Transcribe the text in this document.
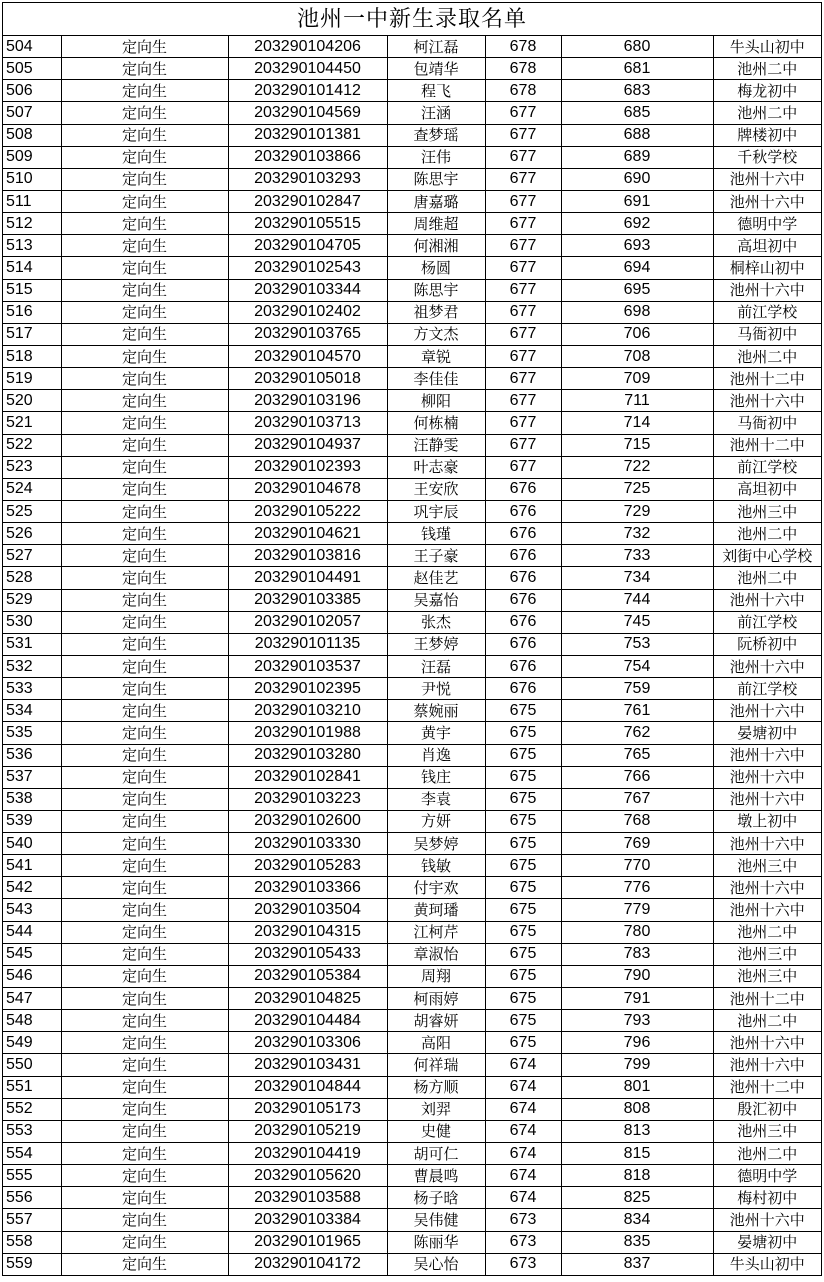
池州一中新生录取名单
504	定向生	203290104206	柯江磊	678	680	牛头山初中
505	定向生	203290104450	包靖华	678	681	池州二中
506	定向生	203290101412	程飞	678	683	梅龙初中
507	定向生	203290104569	汪涵	677	685	池州二中
508	定向生	203290101381	查梦瑶	677	688	牌楼初中
509	定向生	203290103866	汪伟	677	689	千秋学校
510	定向生	203290103293	陈思宇	677	690	池州十六中
511	定向生	203290102847	唐嘉璐	677	691	池州十六中
512	定向生	203290105515	周维超	677	692	德明中学
513	定向生	203290104705	何湘湘	677	693	高坦初中
514	定向生	203290102543	杨圆	677	694	桐梓山初中
515	定向生	203290103344	陈思宇	677	695	池州十六中
516	定向生	203290102402	祖梦君	677	698	前江学校
517	定向生	203290103765	方文杰	677	706	马衙初中
518	定向生	203290104570	章锐	677	708	池州二中
519	定向生	203290105018	李佳佳	677	709	池州十二中
520	定向生	203290103196	柳阳	677	711	池州十六中
521	定向生	203290103713	何栋楠	677	714	马衙初中
522	定向生	203290104937	汪静雯	677	715	池州十二中
523	定向生	203290102393	叶志豪	677	722	前江学校
524	定向生	203290104678	王安欣	676	725	高坦初中
525	定向生	203290105222	巩宇辰	676	729	池州三中
526	定向生	203290104621	钱瑾	676	732	池州二中
527	定向生	203290103816	王子豪	676	733	刘街中心学校
528	定向生	203290104491	赵佳艺	676	734	池州二中
529	定向生	203290103385	吴嘉怡	676	744	池州十六中
530	定向生	203290102057	张杰	676	745	前江学校
531	定向生	203290101135	王梦婷	676	753	阮桥初中
532	定向生	203290103537	汪磊	676	754	池州十六中
533	定向生	203290102395	尹悦	676	759	前江学校
534	定向生	203290103210	蔡婉丽	675	761	池州十六中
535	定向生	203290101988	黄宇	675	762	晏塘初中
536	定向生	203290103280	肖逸	675	765	池州十六中
537	定向生	203290102841	钱庄	675	766	池州十六中
538	定向生	203290103223	李袁	675	767	池州十六中
539	定向生	203290102600	方妍	675	768	墩上初中
540	定向生	203290103330	吴梦婷	675	769	池州十六中
541	定向生	203290105283	钱敏	675	770	池州三中
542	定向生	203290103366	付宇欢	675	776	池州十六中
543	定向生	203290103504	黄珂璠	675	779	池州十六中
544	定向生	203290104315	江柯芹	675	780	池州二中
545	定向生	203290105433	章淑怡	675	783	池州三中
546	定向生	203290105384	周翔	675	790	池州三中
547	定向生	203290104825	柯雨婷	675	791	池州十二中
548	定向生	203290104484	胡睿妍	675	793	池州二中
549	定向生	203290103306	高阳	675	796	池州十六中
550	定向生	203290103431	何祥瑞	674	799	池州十六中
551	定向生	203290104844	杨方顺	674	801	池州十二中
552	定向生	203290105173	刘羿	674	808	殷汇初中
553	定向生	203290105219	史健	674	813	池州三中
554	定向生	203290104419	胡可仁	674	815	池州二中
555	定向生	203290105620	曹晨鸣	674	818	德明中学
556	定向生	203290103588	杨子晗	674	825	梅村初中
557	定向生	203290103384	吴伟健	673	834	池州十六中
558	定向生	203290101965	陈丽华	673	835	晏塘初中
559	定向生	203290104172	吴心怡	673	837	牛头山初中
